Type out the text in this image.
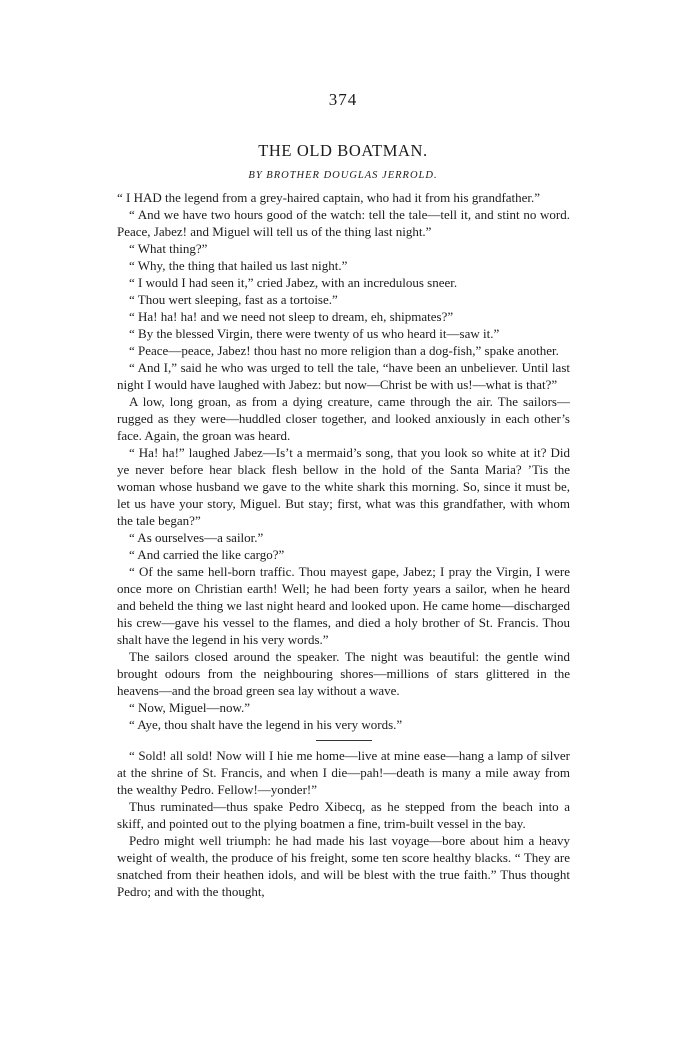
374
THE OLD BOATMAN.
BY BROTHER DOUGLAS JERROLD.

“ I HAD the legend from a grey-haired captain, who had it from his grandfather.”

“ And we have two hours good of the watch: tell the tale—tell it, and stint no word. Peace, Jabez! and Miguel will tell us of the thing last night.”

“ What thing?”

“ Why, the thing that hailed us last night.”

“ I would I had seen it,” cried Jabez, with an incredulous sneer.

“ Thou wert sleeping, fast as a tortoise.”

“ Ha! ha! ha! and we need not sleep to dream, eh, shipmates?”

“ By the blessed Virgin, there were twenty of us who heard it—saw it.”

“ Peace—peace, Jabez! thou hast no more religion than a dog-fish,” spake another.

“ And I,” said he who was urged to tell the tale, “have been an unbeliever. Until last night I would have laughed with Jabez: but now—Christ be with us!—what is that?”

A low, long groan, as from a dying creature, came through the air. The sailors—rugged as they were—huddled closer together, and looked anxiously in each other’s face. Again, the groan was heard.

“ Ha! ha!” laughed Jabez—Is’t a mermaid’s song, that you look so white at it? Did ye never before hear black flesh bellow in the hold of the Santa Maria? ’Tis the woman whose husband we gave to the white shark this morning. So, since it must be, let us have your story, Miguel. But stay; first, what was this grandfather, with whom the tale began?”

“ As ourselves—a sailor.”

“ And carried the like cargo?”

“ Of the same hell-born traffic. Thou mayest gape, Jabez; I pray the Virgin, I were once more on Christian earth! Well; he had been forty years a sailor, when he heard and beheld the thing we last night heard and looked upon. He came home—discharged his crew—gave his vessel to the flames, and died a holy brother of St. Francis. Thou shalt have the legend in his very words.”

The sailors closed around the speaker. The night was beautiful: the gentle wind brought odours from the neighbouring shores—millions of stars glittered in the heavens—and the broad green sea lay without a wave.

“ Now, Miguel—now.”

“ Aye, thou shalt have the legend in his very words.”

“ Sold! all sold! Now will I hie me home—live at mine ease—hang a lamp of silver at the shrine of St. Francis, and when I die—pah!—death is many a mile away from the wealthy Pedro. Fellow!—yonder!”

Thus ruminated—thus spake Pedro Xibecq, as he stepped from the beach into a skiff, and pointed out to the plying boatmen a fine, trim-built vessel in the bay.

Pedro might well triumph: he had made his last voyage—bore about him a heavy weight of wealth, the produce of his freight, some ten score healthy blacks. “ They are snatched from their heathen idols, and will be blest with the true faith.” Thus thought Pedro; and with the thought,
